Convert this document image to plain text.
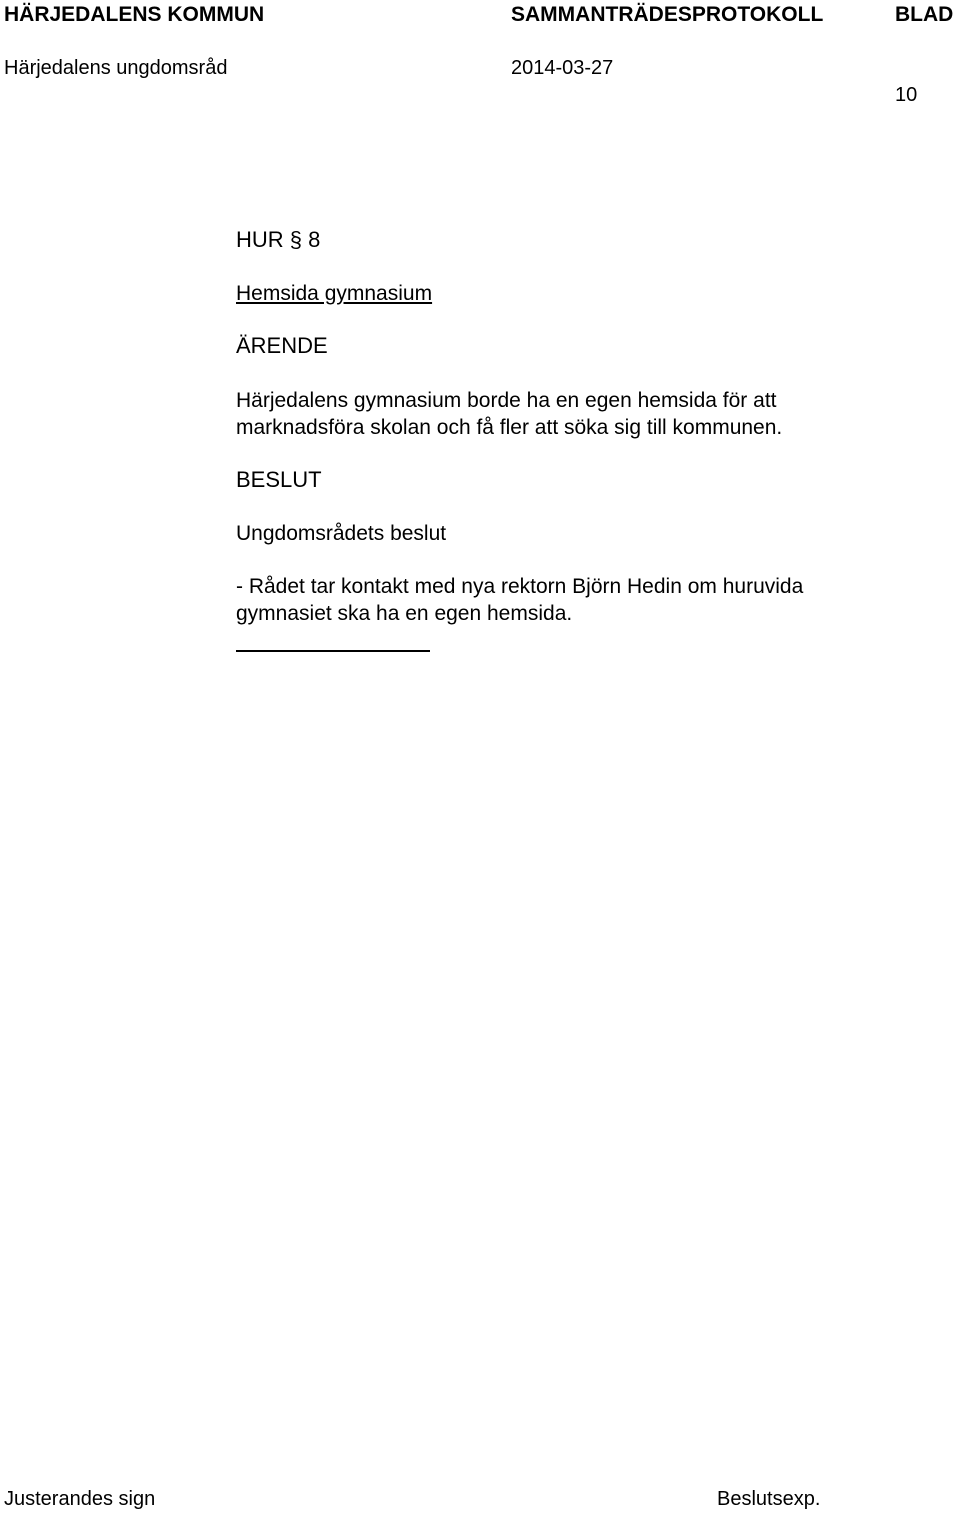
HÄRJEDALENS KOMMUN	SAMMANTRÄDESPROTOKOLL	BLAD
Härjedalens ungdomsråd	2014-03-27
10
HUR § 8
Hemsida gymnasium
ÄRENDE
Härjedalens gymnasium borde ha en egen hemsida för att
marknadsföra skolan och få fler att söka sig till kommunen.
BESLUT
Ungdomsrådets beslut
- Rådet tar kontakt med nya rektorn Björn Hedin om huruvida
gymnasiet ska ha en egen hemsida.
Justerandes sign	Beslutsexp.
